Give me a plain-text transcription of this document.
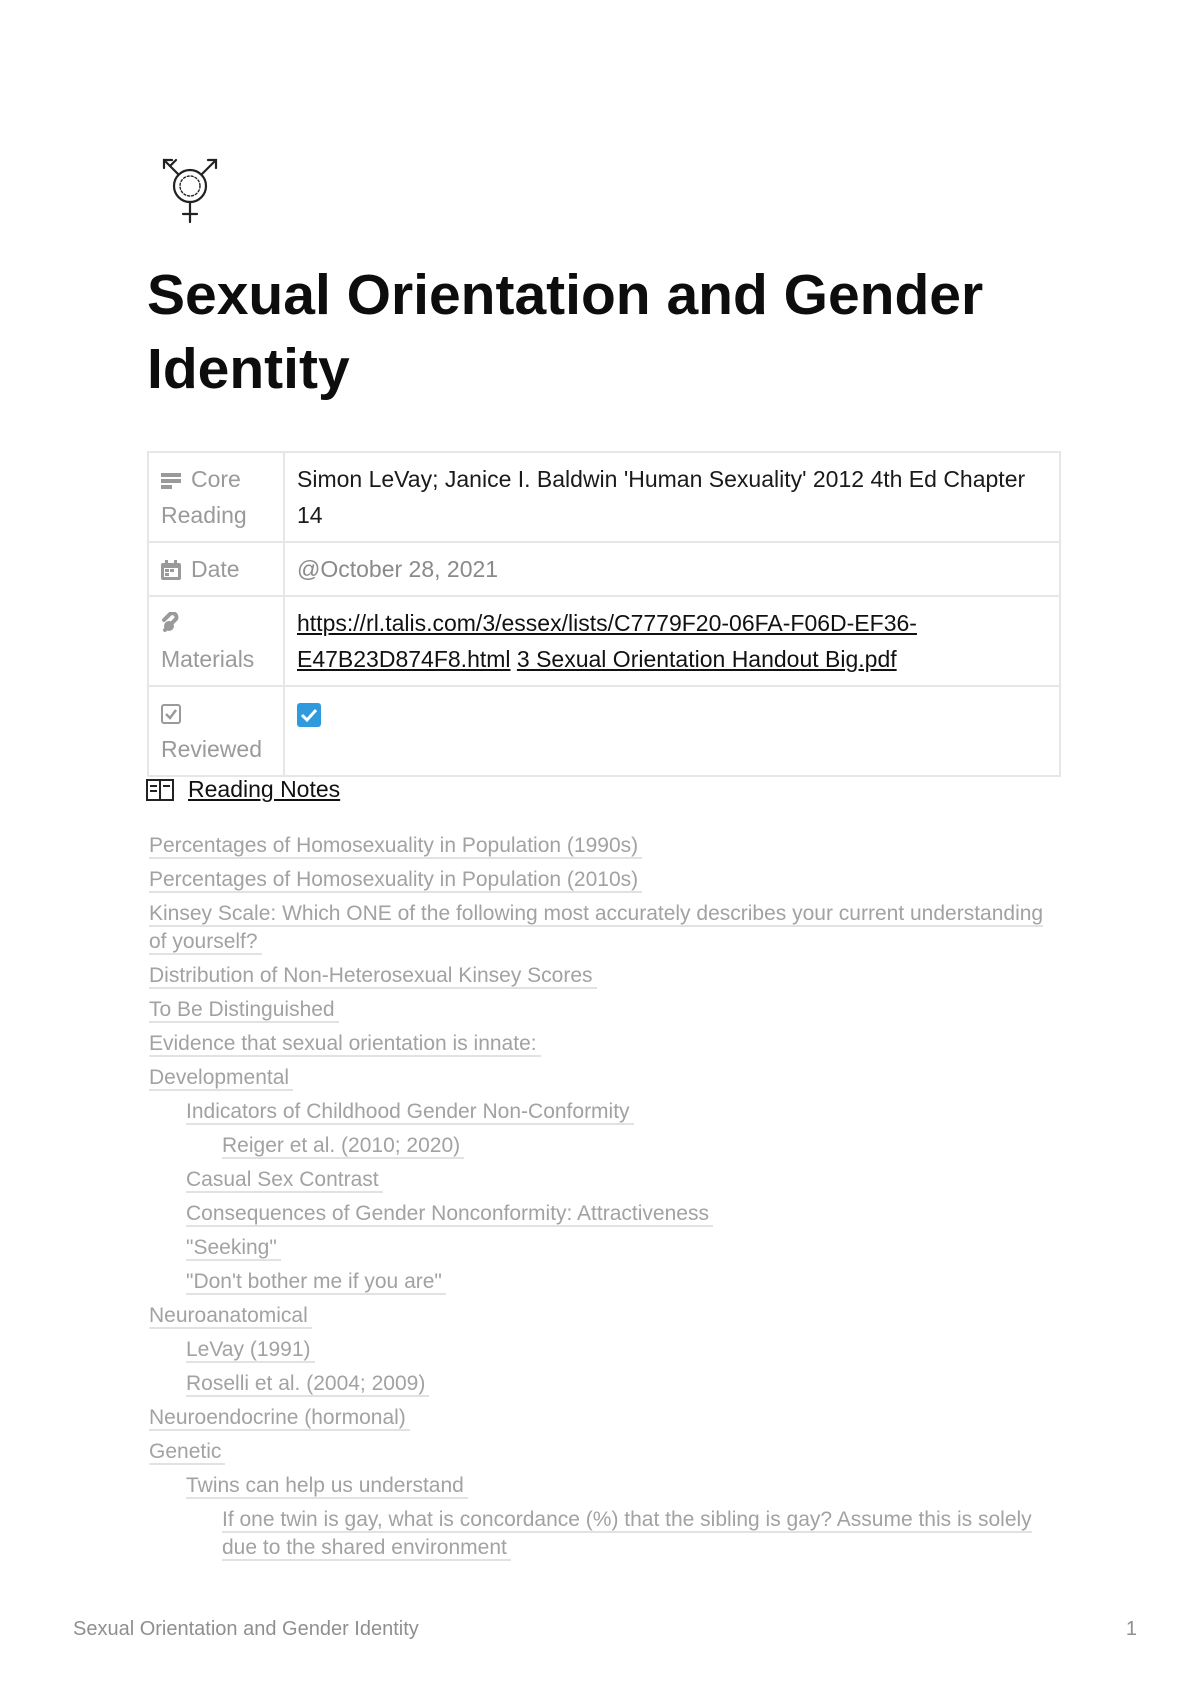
Sexual Orientation and Gender Identity
Core Reading	Simon LeVay; Janice I. Baldwin 'Human Sexuality' 2012 4th Ed Chapter 14

Date	@October 28, 2021

Materials	https://rl.talis.com/3/essex/lists/C7779F20-06FA-F06D-EF36-E47B23D874F8.html 3 Sexual Orientation Handout Big.pdf

Reviewed	
Reading Notes
Percentages of Homosexuality in Population (1990s)
Percentages of Homosexuality in Population (2010s)
Kinsey Scale: Which ONE of the following most accurately describes your current understanding of yourself?
Distribution of Non-Heterosexual Kinsey Scores
To Be Distinguished
Evidence that sexual orientation is innate:
Developmental
Indicators of Childhood Gender Non-Conformity
Reiger et al. (2010; 2020)
Casual Sex Contrast
Consequences of Gender Nonconformity: Attractiveness
"Seeking"
"Don't bother me if you are"
Neuroanatomical
LeVay (1991)
Roselli et al. (2004; 2009)
Neuroendocrine (hormonal)
Genetic
Twins can help us understand
If one twin is gay, what is concordance (%) that the sibling is gay? Assume this is solely due to the shared environment
Sexual Orientation and Gender Identity	1
